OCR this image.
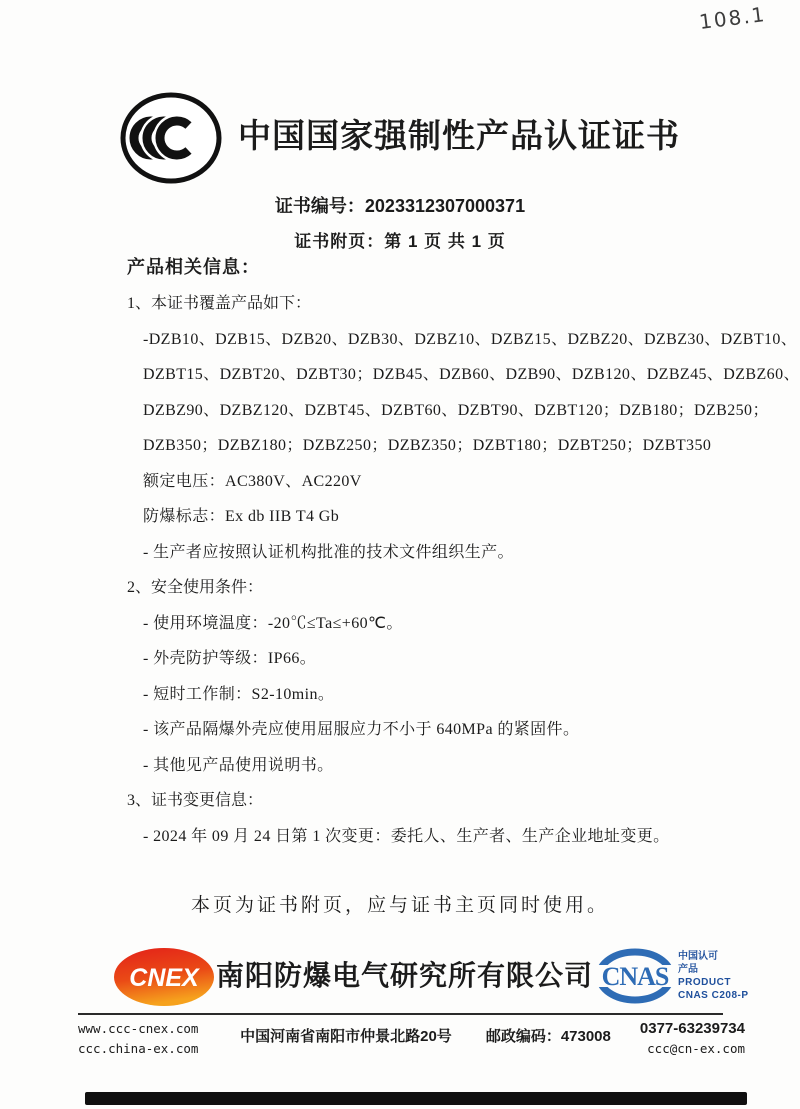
108.1
中国国家强制性产品认证证书
证书编号：2023312307000371
证书附页：第 1 页 共 1 页
产品相关信息：
1、本证书覆盖产品如下：
-DZB10、DZB15、DZB20、DZB30、DZBZ10、DZBZ15、DZBZ20、DZBZ30、DZBT10、
DZBT15、DZBT20、DZBT30；DZB45、DZB60、DZB90、DZB120、DZBZ45、DZBZ60、
DZBZ90、DZBZ120、DZBT45、DZBT60、DZBT90、DZBT120；DZB180；DZB250；
DZB350；DZBZ180；DZBZ250；DZBZ350；DZBT180；DZBT250；DZBT350
额定电压：AC380V、AC220V
防爆标志：Ex db IIB T4 Gb
- 生产者应按照认证机构批准的技术文件组织生产。
2、安全使用条件：
- 使用环境温度：-20℃≤Ta≤+60℃。
- 外壳防护等级：IP66。
- 短时工作制：S2-10min。
- 该产品隔爆外壳应使用屈服应力不小于 640MPa 的紧固件。
- 其他见产品使用说明书。
3、证书变更信息：
- 2024 年 09 月 24 日第 1 次变更：委托人、生产者、生产企业地址变更。
本页为证书附页，应与证书主页同时使用。
CNEX 南阳防爆电气研究所有限公司 CNAS
中国认可
产品
PRODUCT
CNAS C208-P
www.ccc-cnex.com
ccc.china-ex.com
中国河南省南阳市仲景北路20号 邮政编码：473008	0377-63239734
ccc@cn-ex.com
